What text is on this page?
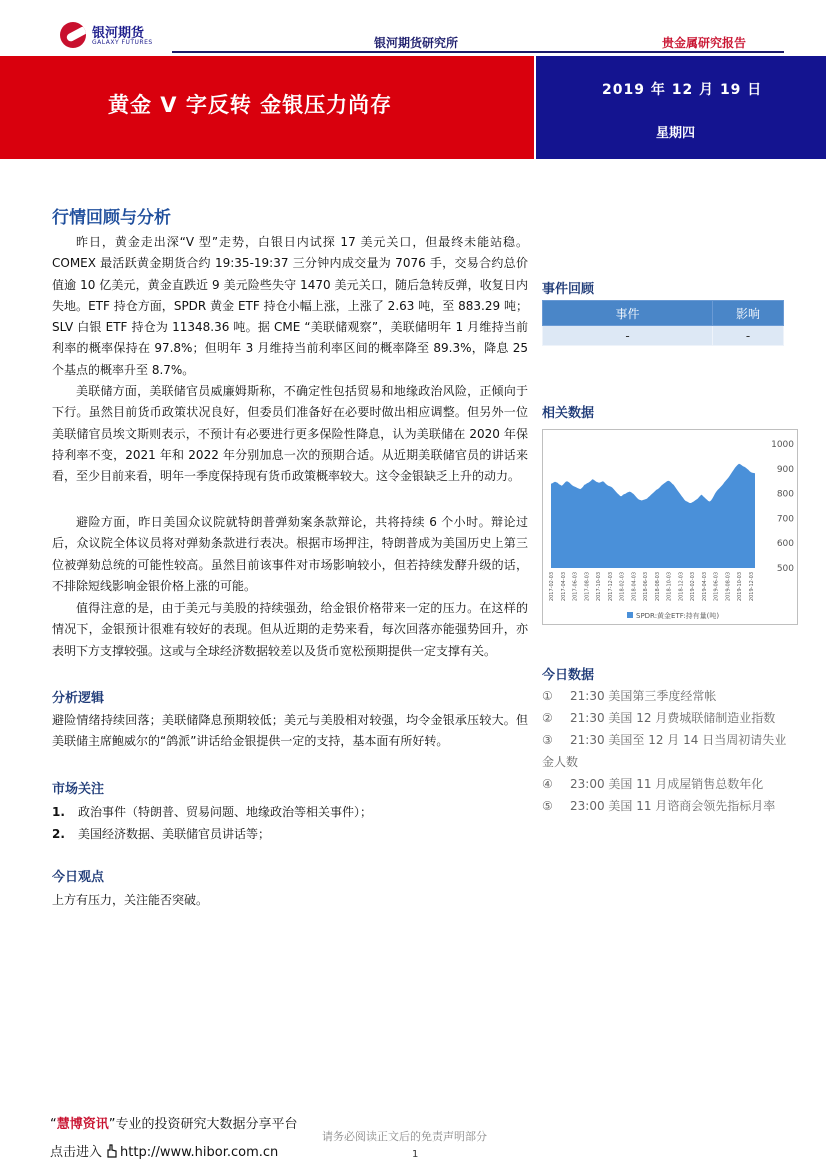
银河期货
GALAXY FUTURES	银河期货研究所	贵金属研究报告
黄金 V 字反转 金银压力尚存
2019 年 12 月 19 日
星期四
行情回顾与分析
昨日，黄金走出深“V 型”走势，白银日内试探 17 美元关口，但最终未能站稳。COMEX 最活跃黄金期货合约 19:35-19:37 三分钟内成交量为 7076 手，交易合约总价值逾 10 亿美元，黄金直跌近 9 美元险些失守 1470 美元关口，随后急转反弹，收复日内失地。ETF 持仓方面，SPDR 黄金 ETF 持仓小幅上涨，上涨了 2.63 吨，至 883.29 吨；SLV 白银 ETF 持仓为 11348.36 吨。据 CME “美联储观察”，美联储明年 1 月维持当前利率的概率保持在 97.8%；但明年 3 月维持当前利率区间的概率降至 89.3%，降息 25 个基点的概率升至 8.7%。
美联储方面，美联储官员威廉姆斯称，不确定性包括贸易和地缘政治风险，正倾向于下行。虽然目前货币政策状况良好，但委员们准备好在必要时做出相应调整。但另外一位美联储官员埃文斯则表示，不预计有必要进行更多保险性降息，认为美联储在 2020 年保持利率不变，2021 年和 2022 年分别加息一次的预期合适。从近期美联储官员的讲话来看，至少目前来看，明年一季度保持现有货币政策概率较大。这令金银缺乏上升的动力。
避险方面，昨日美国众议院就特朗普弹劾案条款辩论，共将持续 6 个小时。辩论过后，众议院全体议员将对弹劾条款进行表决。根据市场押注，特朗普成为美国历史上第三位被弹劾总统的可能性较高。虽然目前该事件对市场影响较小，但若持续发酵升级的话，不排除短线影响金银价格上涨的可能。
值得注意的是，由于美元与美股的持续强劲，给金银价格带来一定的压力。在这样的情况下，金银预计很难有较好的表现。但从近期的走势来看，每次回落亦能强势回升，亦表明下方支撑较强。这或与全球经济数据较差以及货币宽松预期提供一定支撑有关。
分析逻辑
避险情绪持续回落；美联储降息预期较低；美元与美股相对较强，均令金银承压较大。但美联储主席鲍威尔的“鸽派”讲话给金银提供一定的支持，基本面有所好转。
市场关注
1. 政治事件（特朗普、贸易问题、地缘政治等相关事件）；
2. 美国经济数据、美联储官员讲话等；
今日观点
上方有压力，关注能否突破。
事件回顾
事件	影响
-	-
相关数据
500
600
700
800
900
1000
2017-02-03 2017-04-03 2017-06-03 2017-08-03 2017-10-03 2017-12-03 2018-02-03 2018-04-03 2018-06-03 2018-08-03 2018-10-03 2018-12-03 2019-02-03 2019-04-03 2019-06-03 2019-08-03 2019-10-03 2019-12-03
SPDR:黄金ETF:持有量(吨)
今日数据
① 21:30 美国第三季度经常帐
② 21:30 美国 12 月费城联储制造业指数
③ 21:30 美国至 12 月 14 日当周初请失业金人数
④ 23:00 美国 11 月成屋销售总数年化
⑤ 23:00 美国 11 月谘商会领先指标月率
“慧博资讯”专业的投资研究大数据分享平台
点击进入 http://www.hibor.com.cn
请务必阅读正文后的免责声明部分
1
